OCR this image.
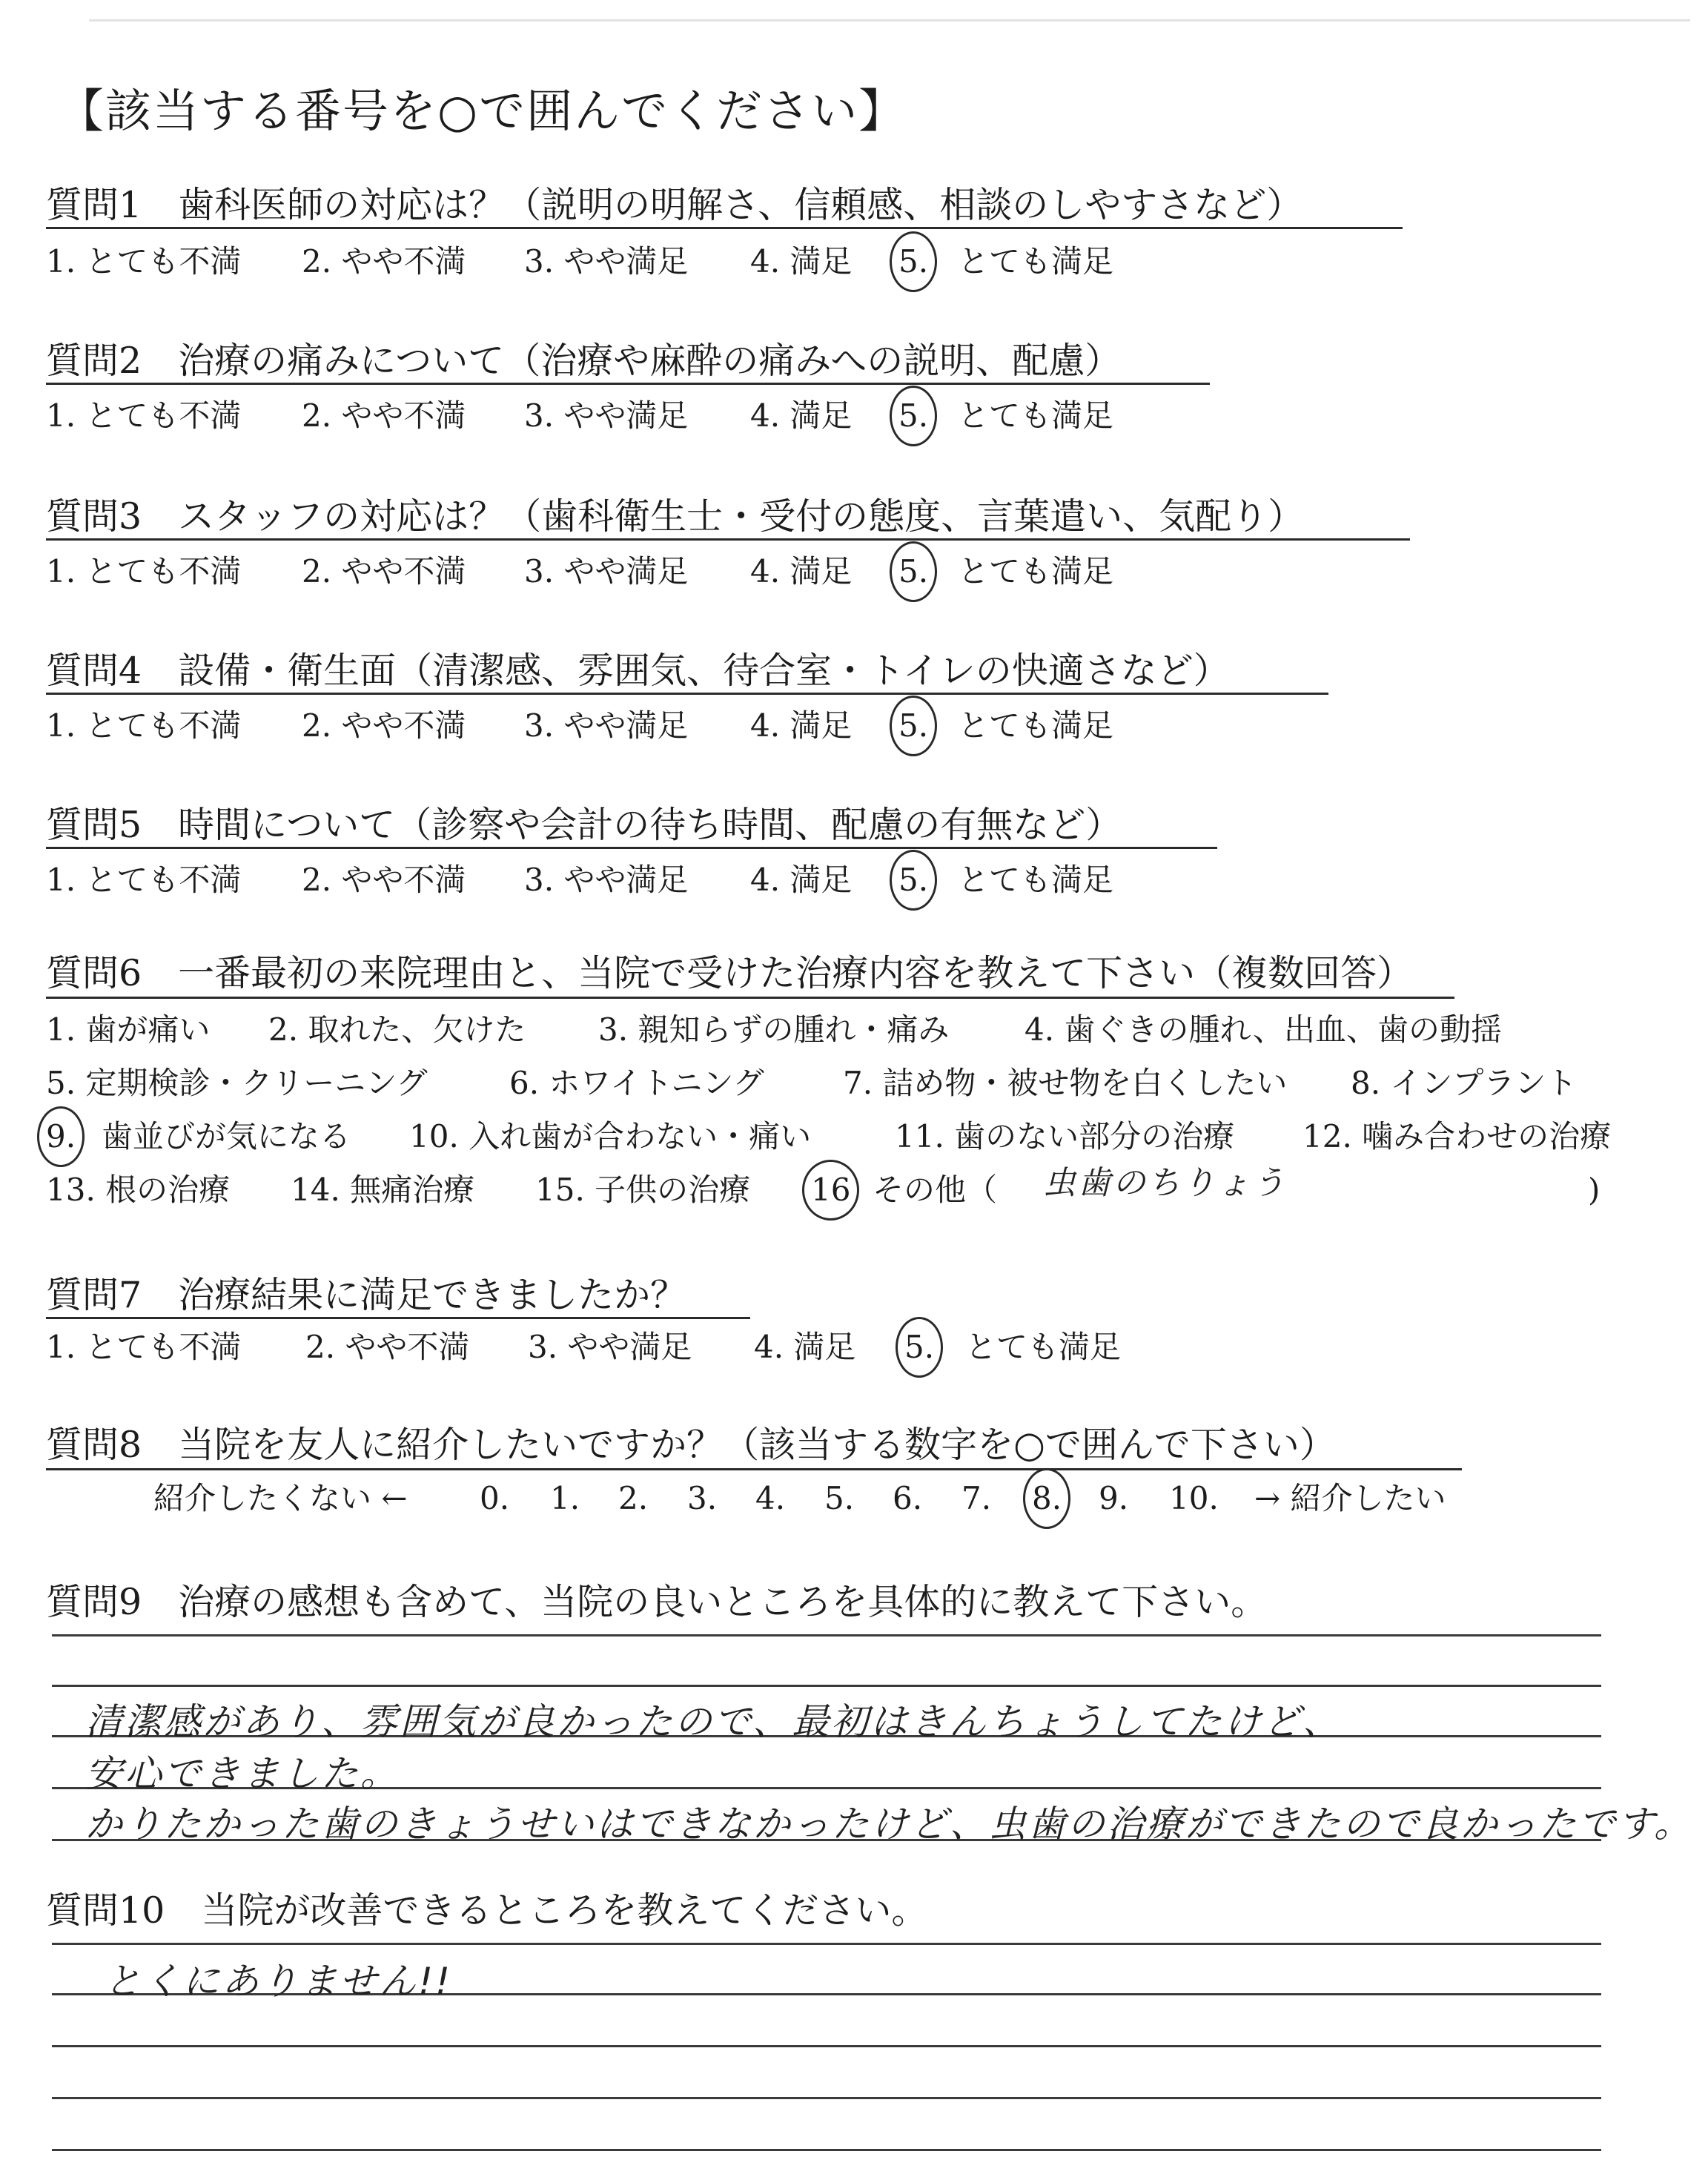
【該当する番号を○で囲んでください】
質問1　歯科医師の対応は？（説明の明解さ、信頼感、相談のしやすさなど）
1. とても不満 2. やや不満 3. やや満足 4. 満足 5. とても満足
質問2　治療の痛みについて（治療や麻酔の痛みへの説明、配慮）
1. とても不満 2. やや不満 3. やや満足 4. 満足 5. とても満足
質問3　スタッフの対応は？（歯科衛生士・受付の態度、言葉遣い、気配り）
1. とても不満 2. やや不満 3. やや満足 4. 満足 5. とても満足
質問4　設備・衛生面（清潔感、雰囲気、待合室・トイレの快適さなど）
1. とても不満 2. やや不満 3. やや満足 4. 満足 5. とても満足
質問5　時間について（診察や会計の待ち時間、配慮の有無など）
1. とても不満 2. やや不満 3. やや満足 4. 満足 5. とても満足
質問6　一番最初の来院理由と、当院で受けた治療内容を教えて下さい（複数回答）
1. 歯が痛い 2. 取れた、欠けた 3. 親知らずの腫れ・痛み 4. 歯ぐきの腫れ、出血、歯の動揺
5. 定期検診・クリーニング	6. ホワイトニング	7. 詰め物・被せ物を白くしたい 8. インプラント
9. 歯並びが気になる 10. 入れ歯が合わない・痛い	11. 歯のない部分の治療 12. 噛み合わせの治療
13. 根の治療 14. 無痛治療 15. 子供の治療 16 その他（ 虫歯のちりょう	)
質問7　治療結果に満足できましたか？
1. とても不満 2. やや不満 3. やや満足 4. 満足 5. とても満足
質問8　当院を友人に紹介したいですか？（該当する数字を○で囲んで下さい）
紹介したくない ← 0. 1. 2. 3. 4. 5. 6. 7. 8. 9. 10. → 紹介したい
質問9　治療の感想も含めて、当院の良いところを具体的に教えて下さい。
清潔感があり、雰囲気が良かったので、最初はきんちょうしてたけど、
安心できました。
かりたかった歯のきょうせいはできなかったけど、虫歯の治療ができたので良かったです。
質問10　当院が改善できるところを教えてください。
とくにありません!!
